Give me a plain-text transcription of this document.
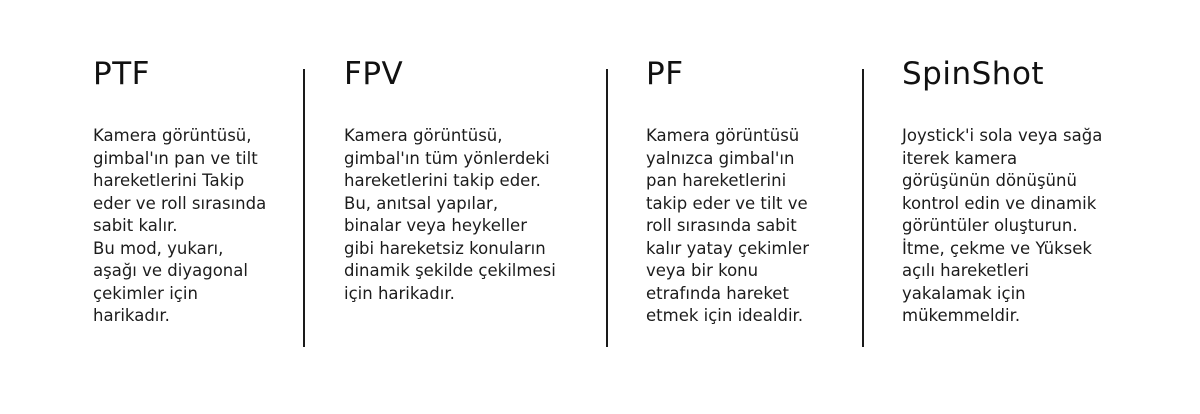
PTF

Kamera görüntüsü,
gimbal'ın pan ve tilt
hareketlerini Takip
eder ve roll sırasında
sabit kalır.
Bu mod, yukarı,
aşağı ve diyagonal
çekimler için
harikadır.

FPV

Kamera görüntüsü,
gimbal'ın tüm yönlerdeki
hareketlerini takip eder.
Bu, anıtsal yapılar,
binalar veya heykeller
gibi hareketsiz konuların
dinamik şekilde çekilmesi
için harikadır.

PF

Kamera görüntüsü
yalnızca gimbal'ın
pan hareketlerini
takip eder ve tilt ve
roll sırasında sabit
kalır yatay çekimler
veya bir konu
etrafında hareket
etmek için idealdir.

SpinShot

Joystick'i sola veya sağa
iterek kamera
görüşünün dönüşünü
kontrol edin ve dinamik
görüntüler oluşturun.
İtme, çekme ve Yüksek
açılı hareketleri
yakalamak için
mükemmeldir.
